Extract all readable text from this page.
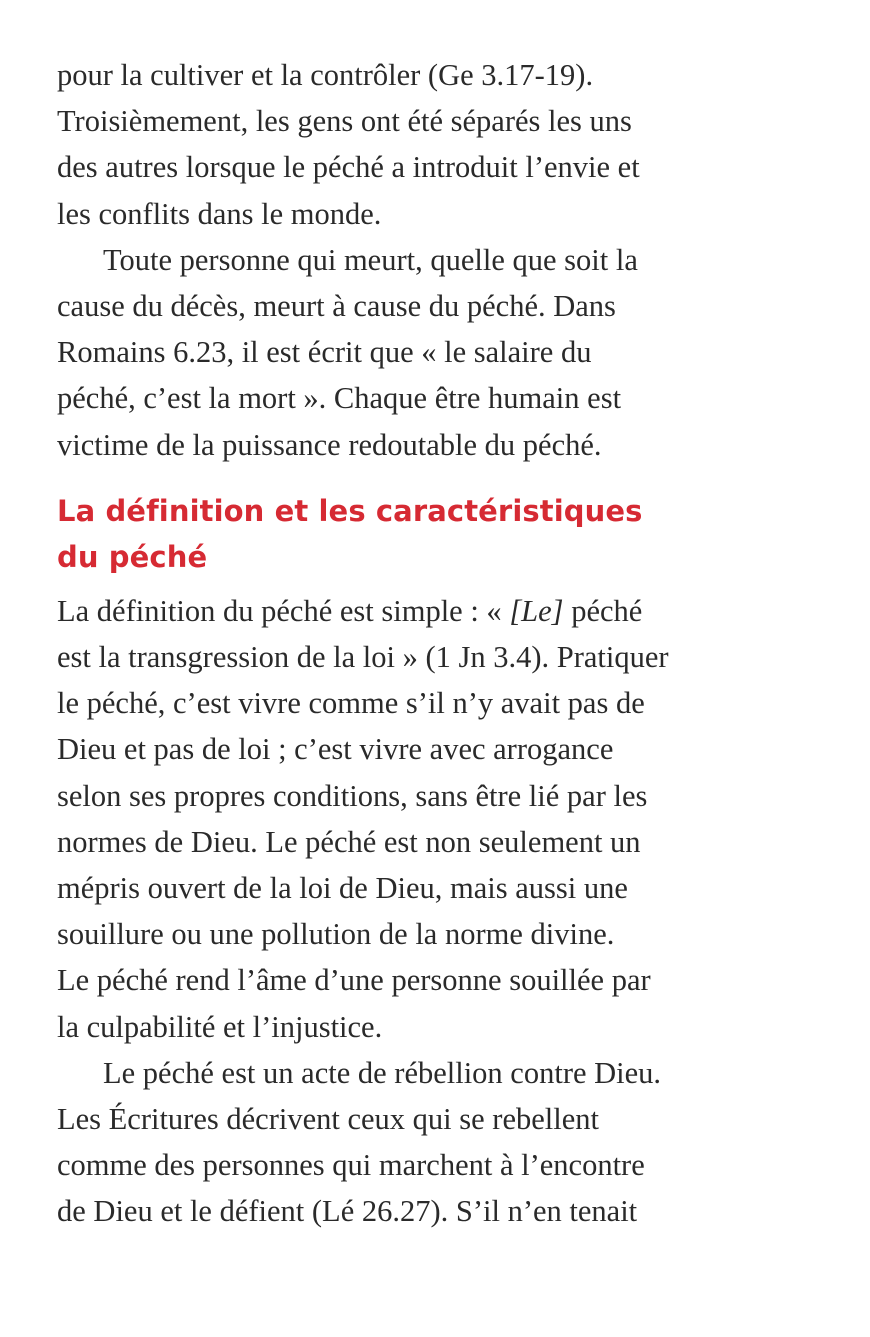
pour la cultiver et la contrôler (Ge 3.17-19).
Troisièmement, les gens ont été séparés les uns
des autres lorsque le péché a introduit l’envie et
les conflits dans le monde.

Toute personne qui meurt, quelle que soit la
cause du décès, meurt à cause du péché. Dans
Romains 6.23, il est écrit que « le salaire du
péché, c’est la mort ». Chaque être humain est
victime de la puissance redoutable du péché.

La définition et les caractéristiques
du péché

La définition du péché est simple : « [Le] péché
est la transgression de la loi » (1 Jn 3.4). Pratiquer
le péché, c’est vivre comme s’il n’y avait pas de
Dieu et pas de loi ; c’est vivre avec arrogance
selon ses propres conditions, sans être lié par les
normes de Dieu. Le péché est non seulement un
mépris ouvert de la loi de Dieu, mais aussi une
souillure ou une pollution de la norme divine.
Le péché rend l’âme d’une personne souillée par
la culpabilité et l’injustice.

Le péché est un acte de rébellion contre Dieu.
Les Écritures décrivent ceux qui se rebellent
comme des personnes qui marchent à l’encontre
de Dieu et le défient (Lé 26.27). S’il n’en tenait
